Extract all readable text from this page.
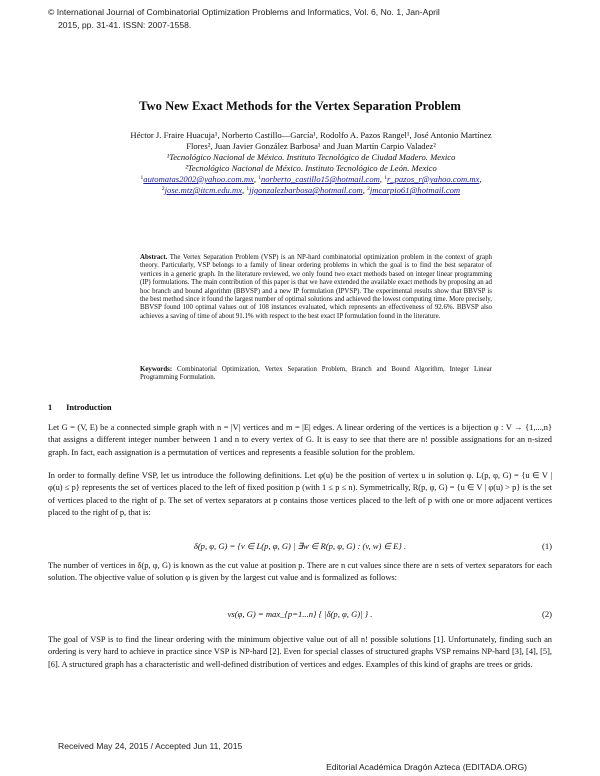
© International Journal of Combinatorial Optimization Problems and Informatics, Vol. 6, No. 1, Jan-April
2015, pp. 31-41. ISSN: 2007-1558.
Two New Exact Methods for the Vertex Separation Problem
Héctor J. Fraire Huacuja¹, Norberto Castillo—García¹, Rodolfo A. Pazos Rangel¹, José Antonio Martínez
Flores², Juan Javier González Barbosa¹ and Juan Martín Carpio Valadez²
¹Tecnológico Nacional de México. Instituto Tecnológico de Ciudad Madero. Mexico
²Tecnológico Nacional de México. Instituto Tecnológico de León. Mexico
$^1$automatas2002@yahoo.com.mx, $^1$norberto_castillo15@hotmail.com, $^1$r_pazos_r@yahoo.com.mx,
$^2$jose.mtz@itcm.edu.mx, $^1$jjgonzalezbarbosa@hotmail.com, $^2$jmcarpio61@hotmail.com
Abstract. The Vertex Separation Problem (VSP) is an NP-hard combinatorial optimization problem in the context of graph theory. Particularly, VSP belongs to a family of linear ordering problems in which the goal is to find the best separator of vertices in a generic graph. In the literature reviewed, we only found two exact methods based on integer linear programming (IP) formulations. The main contribution of this paper is that we have extended the available exact methods by proposing an ad hoc branch and bound algorithm (BBVSP) and a new IP formulation (IPVSP). The experimental results show that BBVSP is the best method since it found the largest number of optimal solutions and achieved the lowest computing time. More precisely, BBVSP found 100 optimal values out of 108 instances evaluated, which represents an effectiveness of 92.6%. BBVSP also achieves a saving of time of about 91.1% with respect to the best exact IP formulation found in the literature.
Keywords: Combinatorial Optimization, Vertex Separation Problem, Branch and Bound Algorithm, Integer Linear Programming Formulation.
1 Introduction
Let G = (V, E) be a connected simple graph with n = |V| vertices and m = |E| edges. A linear ordering of the vertices is a bijection φ : V → {1,...,n} that assigns a different integer number between 1 and n to every vertex of G. It is easy to see that there are n! possible assignations for an n-sized graph. In fact, each assignation is a permutation of vertices and represents a feasible solution for the problem.
In order to formally define VSP, let us introduce the following definitions. Let φ(u) be the position of vertex u in solution φ. L(p, φ, G) = {u ∈ V | φ(u) ≤ p} represents the set of vertices placed to the left of fixed position p (with 1 ≤ p ≤ n). Symmetrically, R(p, φ, G) = {u ∈ V | φ(u) > p} is the set of vertices placed to the right of p. The set of vertex separators at p contains those vertices placed to the left of p with one or more adjacent vertices placed to the right of p, that is:
δ(p, φ, G) = {v ∈ L(p, φ, G) | ∃w ∈ R(p, φ, G) : (v, w) ∈ E} .	(1)
The number of vertices in δ(p, φ, G) is known as the cut value at position p. There are n cut values since there are n sets of vertex separators for each solution. The objective value of solution φ is given by the largest cut value and is formalized as follows:
vs(φ, G) = max_{p=1...n} { |δ(p, φ, G)| } .	(2)
The goal of VSP is to find the linear ordering with the minimum objective value out of all n! possible solutions [1]. Unfortunately, finding such an ordering is very hard to achieve in practice since VSP is NP-hard [2]. Even for special classes of structured graphs VSP remains NP-hard [3], [4], [5], [6]. A structured graph has a characteristic and well-defined distribution of vertices and edges. Examples of this kind of graphs are trees or grids.
Received May 24, 2015 / Accepted Jun 11, 2015
Editorial Académica Dragón Azteca (EDITADA.ORG)
